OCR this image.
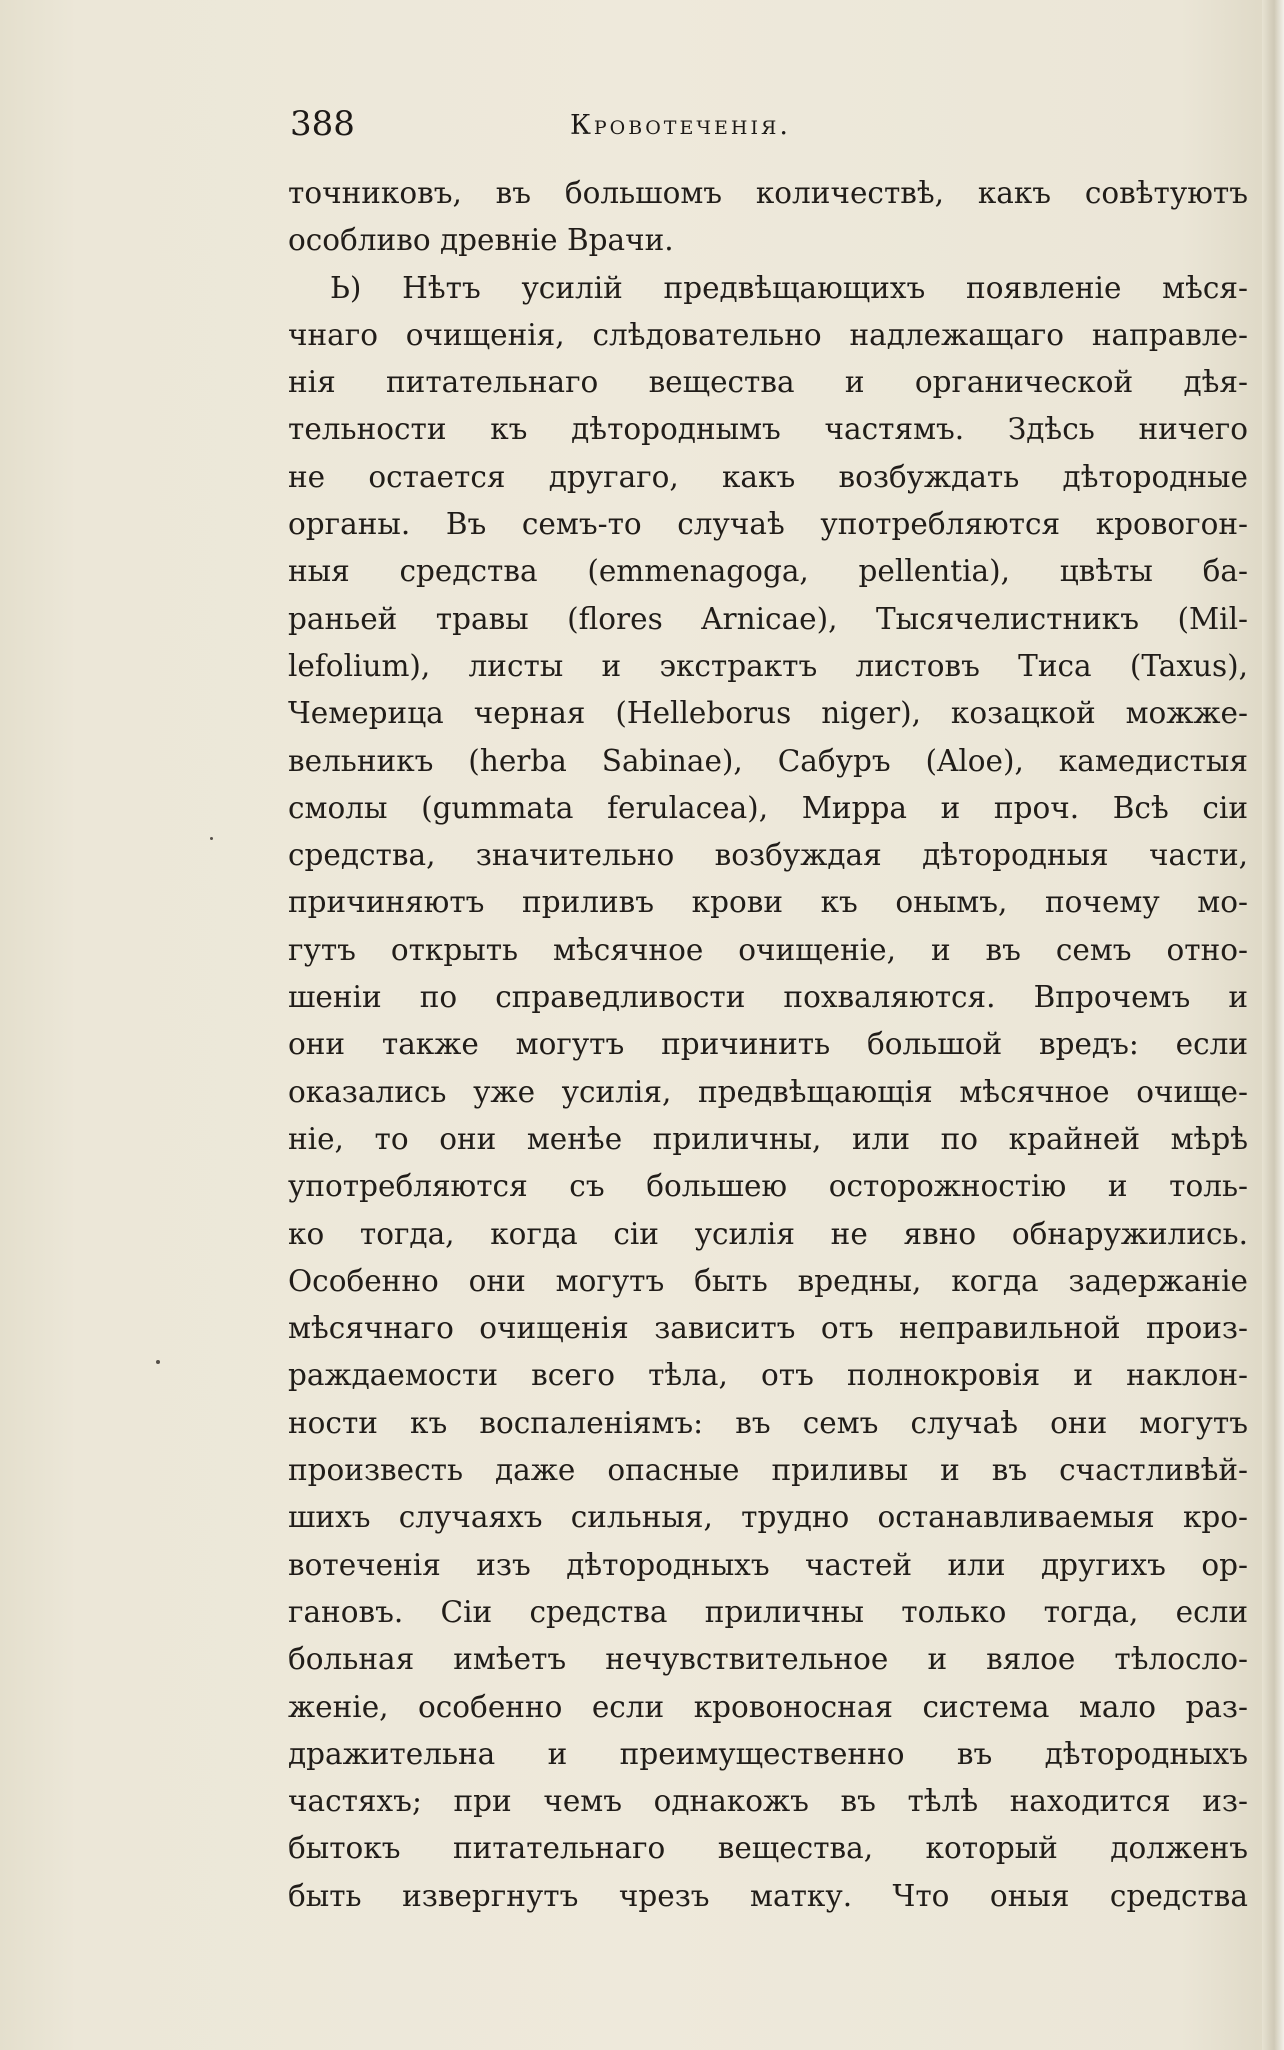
388	Кровотеченія.
точниковъ, въ большомъ количествѣ, какъ совѣтуютъ
особливо древніе Врачи.
Ь) Нѣтъ усилій предвѣщающихъ появленіе мѣся-
чнаго очищенія, слѣдовательно надлежащаго направле-
нія питательнаго вещества и органической дѣя-
тельности къ дѣтороднымъ частямъ. Здѣсь ничего
не остается другаго, какъ возбуждать дѣтородные
органы. Въ семъ-то случаѣ употребляются кровогон-
ныя средства (emmenagoga, pellentia), цвѣты ба-
раньей травы (flores Arnicae), Тысячелистникъ (Mil-
lefolium), листы и экстрактъ листовъ Тиса (Taxus),
Чемерица черная (Helleborus niger), козацкой можже-
вельникъ (herba Sabinae), Сабуръ (Aloe), камедистыя
смолы (gummata ferulacea), Мирра и проч. Всѣ сіи
средства, значительно возбуждая дѣтородныя части,
причиняютъ приливъ крови къ онымъ, почему мо-
гутъ открыть мѣсячное очищеніе, и въ семъ отно-
шеніи по справедливости похваляются. Впрочемъ и
они также могутъ причинить большой вредъ: если
оказались уже усилія, предвѣщающія мѣсячное очище-
ніе, то они менѣе приличны, или по крайней мѣрѣ
употребляются съ большею осторожностію и толь-
ко тогда, когда сіи усилія не явно обнаружились.
Особенно они могутъ быть вредны, когда задержаніе
мѣсячнаго очищенія зависитъ отъ неправильной произ-
раждаемости всего тѣла, отъ полнокровія и наклон-
ности къ воспаленіямъ: въ семъ случаѣ они могутъ
произвесть даже опасные приливы и въ счастливѣй-
шихъ случаяхъ сильныя, трудно останавливаемыя кро-
вотеченія изъ дѣтородныхъ частей или другихъ ор-
гановъ. Сіи средства приличны только тогда, если
больная имѣетъ нечувствительное и вялое тѣлосло-
женіе, особенно если кровоносная система мало раз-
дражительна и преимущественно въ дѣтородныхъ
частяхъ; при чемъ однакожъ въ тѣлѣ находится из-
бытокъ питательнаго вещества, который долженъ
быть извергнутъ чрезъ матку. Что оныя средства
